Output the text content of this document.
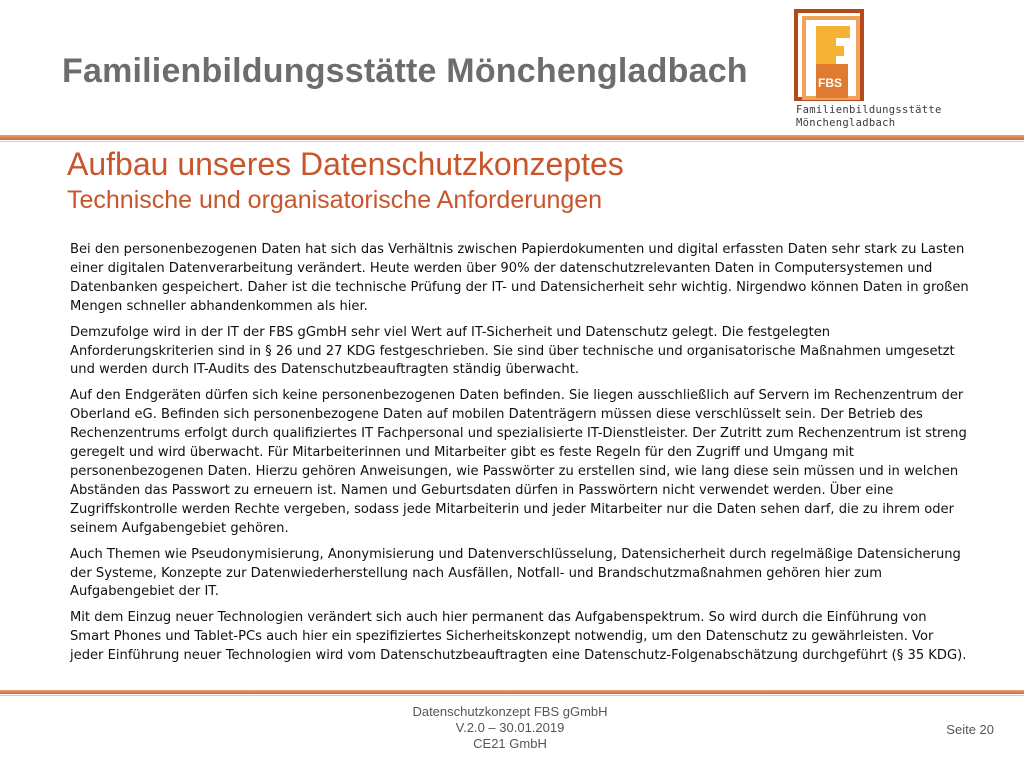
Familienbildungsstätte Mönchengladbach	FBS
Familienbildungsstätte
Mönchengladbach
Aufbau unseres Datenschutzkonzeptes
Technische und organisatorische Anforderungen

Bei den personenbezogenen Daten hat sich das Verhältnis zwischen Papierdokumenten und digital erfassten Daten sehr stark zu Lasten einer digitalen Datenverarbeitung verändert. Heute werden über 90% der datenschutzrelevanten Daten in Computersystemen und Datenbanken gespeichert. Daher ist die technische Prüfung der IT- und Datensicherheit sehr wichtig. Nirgendwo können Daten in großen Mengen schneller abhandenkommen als hier.

Demzufolge wird in der IT der FBS gGmbH sehr viel Wert auf IT-Sicherheit und Datenschutz gelegt. Die festgelegten Anforderungskriterien sind in § 26 und 27 KDG festgeschrieben. Sie sind über technische und organisatorische Maßnahmen umgesetzt und werden durch IT-Audits des Datenschutzbeauftragten ständig überwacht.

Auf den Endgeräten dürfen sich keine personenbezogenen Daten befinden. Sie liegen ausschließlich auf Servern im Rechenzentrum der Oberland eG. Befinden sich personenbezogene Daten auf mobilen Datenträgern müssen diese verschlüsselt sein. Der Betrieb des Rechenzentrums erfolgt durch qualifiziertes IT Fachpersonal und spezialisierte IT-Dienstleister. Der Zutritt zum Rechenzentrum ist streng geregelt und wird überwacht. Für Mitarbeiterinnen und Mitarbeiter gibt es feste Regeln für den Zugriff und Umgang mit personenbezogenen Daten. Hierzu gehören Anweisungen, wie Passwörter zu erstellen sind, wie lang diese sein müssen und in welchen Abständen das Passwort zu erneuern ist. Namen und Geburtsdaten dürfen in Passwörtern nicht verwendet werden. Über eine Zugriffskontrolle werden Rechte vergeben, sodass jede Mitarbeiterin und jeder Mitarbeiter nur die Daten sehen darf, die zu ihrem oder seinem Aufgabengebiet gehören.

Auch Themen wie Pseudonymisierung, Anonymisierung und Datenverschlüsselung, Datensicherheit durch regelmäßige Datensicherung der Systeme, Konzepte zur Datenwiederherstellung nach Ausfällen, Notfall- und Brandschutzmaßnahmen gehören hier zum Aufgabengebiet der IT.

Mit dem Einzug neuer Technologien verändert sich auch hier permanent das Aufgabenspektrum. So wird durch die Einführung von Smart Phones und Tablet-PCs auch hier ein spezifiziertes Sicherheitskonzept notwendig, um den Datenschutz zu gewährleisten. Vor jeder Einführung neuer Technologien wird vom Datenschutzbeauftragten eine Datenschutz-Folgenabschätzung durchgeführt (§ 35 KDG).

Datenschutzkonzept FBS gGmbH
V.2.0 – 30.01.2019
CE21 GmbH
Seite 20
